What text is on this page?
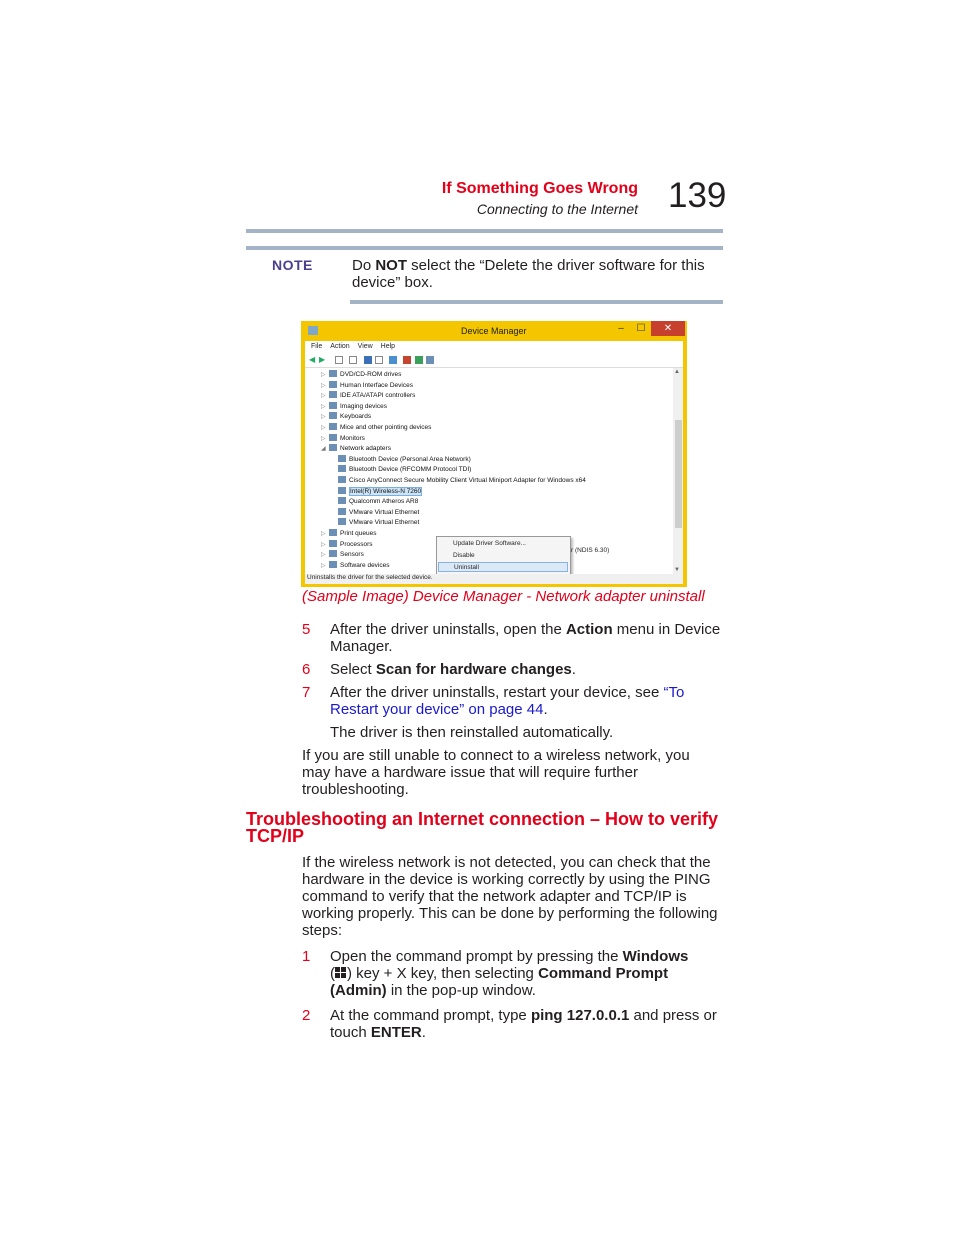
If Something Goes Wrong
Connecting to the Internet 139
NOTE	Do NOT select the “Delete the driver software for this device” box.
Device Manager	–	☐	✕
File Action View Help
◀ ▶
▲
▼
r (NDIS 6.30)
▷ DVD/CD-ROM drives
▷ Human Interface Devices
▷ IDE ATA/ATAPI controllers
▷ Imaging devices
▷ Keyboards
▷ Mice and other pointing devices
▷ Monitors
◢ Network adapters
Bluetooth Device (Personal Area Network)
Bluetooth Device (RFCOMM Protocol TDI)
Cisco AnyConnect Secure Mobility Client Virtual Miniport Adapter for Windows x64
Intel(R) Wireless-N 7260
Qualcomm Atheros AR8
VMware Virtual Ethernet
VMware Virtual Ethernet
▷ Print queues
▷ Processors
▷ Sensors
▷ Software devices
Update Driver Software...
Disable
Uninstall
Uninstalls the driver for the selected device.
(Sample Image) Device Manager - Network adapter uninstall
5 After the driver uninstalls, open the Action menu in Device Manager.
6 Select Scan for hardware changes.
7 After the driver uninstalls, restart your device, see “To Restart your device” on page 44.
The driver is then reinstalled automatically.
If you are still unable to connect to a wireless network, you may have a hardware issue that will require further troubleshooting.
Troubleshooting an Internet connection – How to verify TCP/IP
If the wireless network is not detected, you can check that the hardware in the device is working correctly by using the PING command to verify that the network adapter and TCP/IP is working properly. This can be done by performing the following steps:
1 Open the command prompt by pressing the Windows
( ) key + X key, then selecting Command Prompt (Admin) in the pop-up window.
2 At the command prompt, type ping 127.0.0.1 and press or touch ENTER.
